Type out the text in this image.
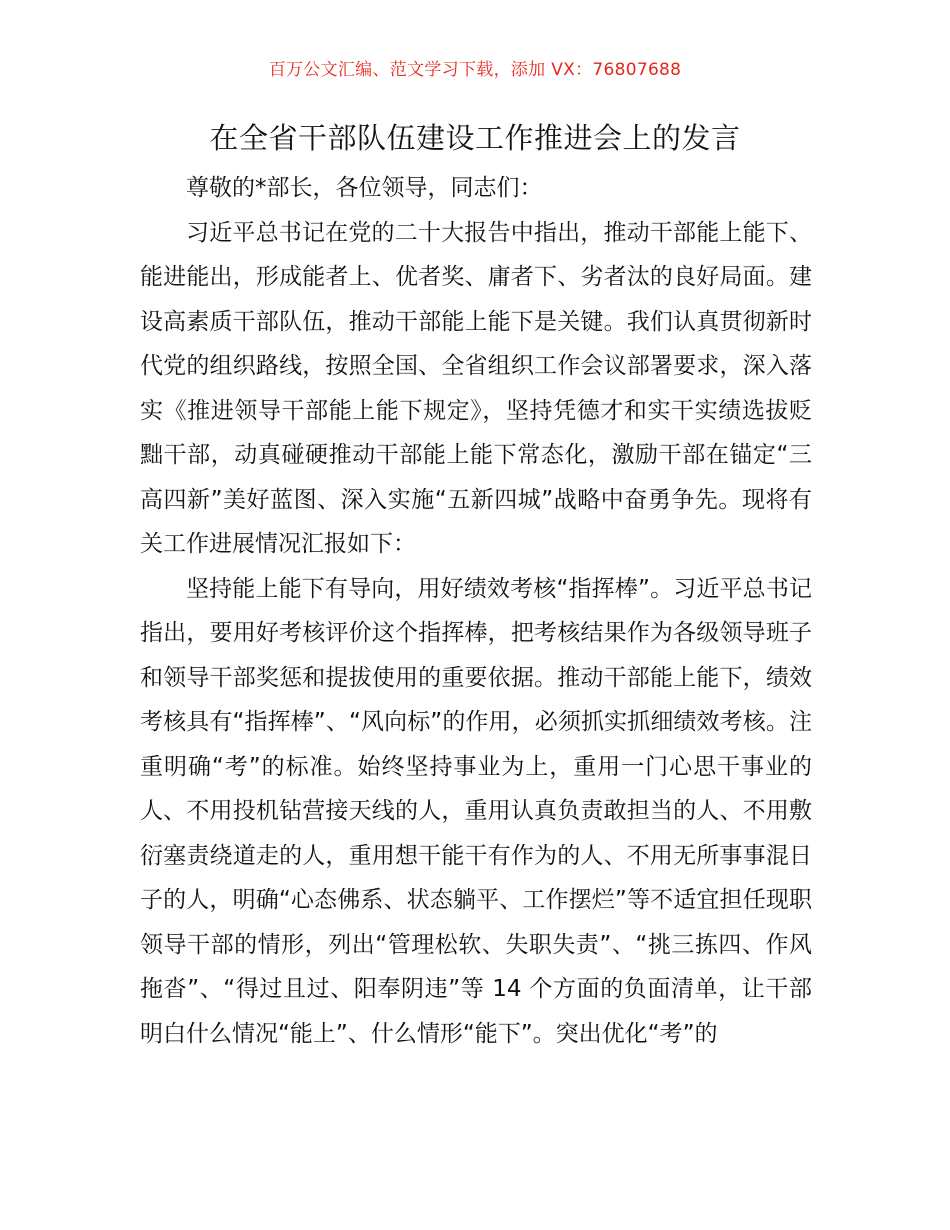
百万公文汇编、范文学习下载，添加 VX：76807688
在全省干部队伍建设工作推进会上的发言

尊敬的*部长，各位领导，同志们：

习近平总书记在党的二十大报告中指出，推动干部能上能下、能进能出，形成能者上、优者奖、庸者下、劣者汰的良好局面。建设高素质干部队伍，推动干部能上能下是关键。我们认真贯彻新时代党的组织路线，按照全国、全省组织工作会议部署要求，深入落实《推进领导干部能上能下规定》，坚持凭德才和实干实绩选拔贬黜干部，动真碰硬推动干部能上能下常态化，激励干部在锚定“三高四新”美好蓝图、深入实施“五新四城”战略中奋勇争先。现将有关工作进展情况汇报如下：

坚持能上能下有导向，用好绩效考核“指挥棒”。习近平总书记指出，要用好考核评价这个指挥棒，把考核结果作为各级领导班子和领导干部奖惩和提拔使用的重要依据。推动干部能上能下，绩效考核具有“指挥棒”、“风向标”的作用，必须抓实抓细绩效考核。注重明确“考”的标准。始终坚持事业为上，重用一门心思干事业的人、不用投机钻营接天线的人，重用认真负责敢担当的人、不用敷衍塞责绕道走的人，重用想干能干有作为的人、不用无所事事混日子的人，明确“心态佛系、状态躺平、工作摆烂”等不适宜担任现职领导干部的情形，列出“管理松软、失职失责”、“挑三拣四、作风拖沓”、“得过且过、阳奉阴违”等 14 个方面的负面清单，让干部明白什么情况“能上”、什么情形“能下”。突出优化“考”的
